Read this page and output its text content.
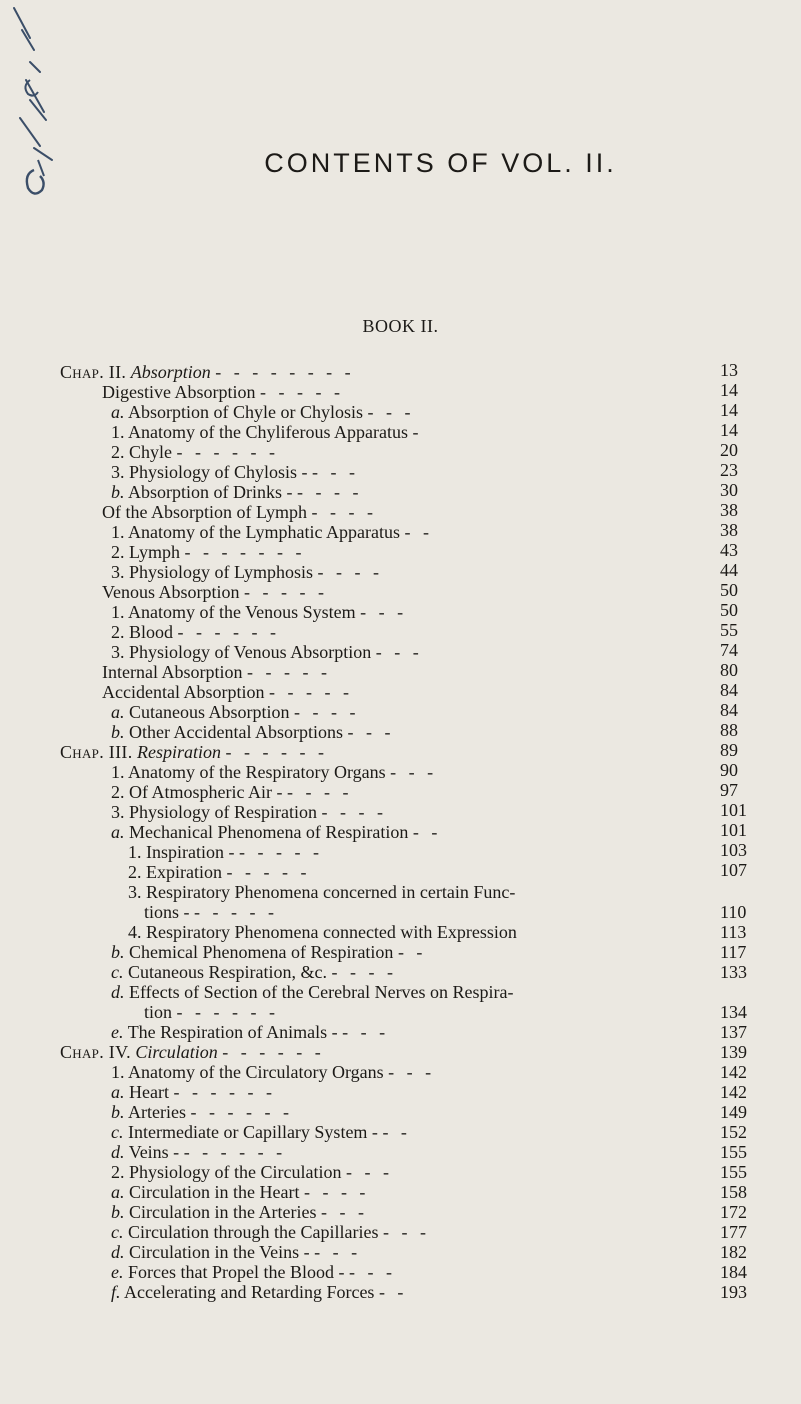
CONTENTS OF VOL. II.
BOOK II.
Chap. II. Absorption - - - - - - - -
Digestive Absorption - - - - -
a. Absorption of Chyle or Chylosis - - -
1. Anatomy of the Chyliferous Apparatus -
2. Chyle - - - - - -
3. Physiology of Chylosis - - - -
b. Absorption of Drinks - - - - -
Of the Absorption of Lymph - - - -
1. Anatomy of the Lymphatic Apparatus - -
2. Lymph - - - - - - -
3. Physiology of Lymphosis - - - -
Venous Absorption - - - - -
1. Anatomy of the Venous System - - -
2. Blood - - - - - -
3. Physiology of Venous Absorption - - -
Internal Absorption - - - - -
Accidental Absorption - - - - -
a. Cutaneous Absorption - - - -
b. Other Accidental Absorptions - - -
Chap. III. Respiration - - - - - -
1. Anatomy of the Respiratory Organs - - -
2. Of Atmospheric Air - - - - -
3. Physiology of Respiration - - - -
a. Mechanical Phenomena of Respiration - -
1. Inspiration - - - - - -
2. Expiration - - - - -
3. Respiratory Phenomena concerned in certain Func-
tions - - - - - -
4. Respiratory Phenomena connected with Expression
b. Chemical Phenomena of Respiration - -
c. Cutaneous Respiration, &c. - - - -
d. Effects of Section of the Cerebral Nerves on Respira-
tion - - - - - -
e. The Respiration of Animals - - - -
Chap. IV. Circulation - - - - - -
1. Anatomy of the Circulatory Organs - - -
a. Heart - - - - - -
b. Arteries - - - - - -
c. Intermediate or Capillary System - - -
d. Veins - - - - - - -
2. Physiology of the Circulation - - -
a. Circulation in the Heart - - - -
b. Circulation in the Arteries - - -
c. Circulation through the Capillaries - - -
d. Circulation in the Veins - - - -
e. Forces that Propel the Blood - - - -
f. Accelerating and Retarding Forces - -
13
14
14
14
20
23
30
38
38
43
44
50
50
55
74
80
84
84
88
89
90
97
101
101
103
107
110
113
117
133
134
137
139
142
142
149
152
155
155
158
172
177
182
184
193
